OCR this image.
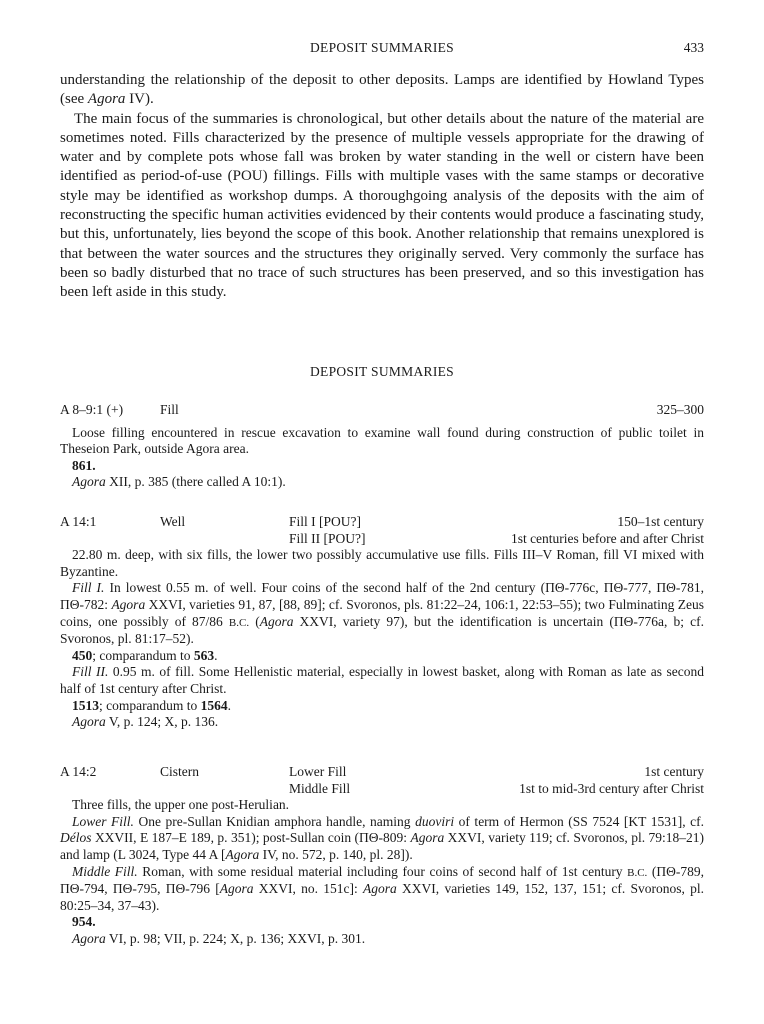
DEPOSIT SUMMARIES	433

understanding the relationship of the deposit to other deposits. Lamps are identified by Howland Types (see Agora IV).

The main focus of the summaries is chronological, but other details about the nature of the material are sometimes noted. Fills characterized by the presence of multiple vessels appropriate for the drawing of water and by complete pots whose fall was broken by water standing in the well or cistern have been identified as period-of-use (POU) fillings. Fills with multiple vases with the same stamps or decorative style may be identified as workshop dumps. A thoroughgoing analysis of the deposits with the aim of reconstructing the specific human activities evidenced by their contents would produce a fascinating study, but this, unfortunately, lies beyond the scope of this book. Another relationship that remains unexplored is that between the water sources and the structures they originally served. Very commonly the surface has been so badly disturbed that no trace of such structures has been preserved, and so this investigation has been left aside in this study.

DEPOSIT SUMMARIES
A 8–9:1 (+)	Fill	325–300

Loose filling encountered in rescue excavation to examine wall found during construction of public toilet in Theseion Park, outside Agora area.

861.

Agora XII, p. 385 (there called A 10:1).

A 14:1	Well	Fill I [POU?]	150–1st century
Fill II [POU?]	1st centuries before and after Christ

22.80 m. deep, with six fills, the lower two possibly accumulative use fills. Fills III–V Roman, fill VI mixed with Byzantine.

Fill I. In lowest 0.55 m. of well. Four coins of the second half of the 2nd century (ΠΘ-776c, ΠΘ-777, ΠΘ-781, ΠΘ-782: Agora XXVI, varieties 91, 87, [88, 89]; cf. Svoronos, pls. 81:22–24, 106:1, 22:53–55); two Fulminating Zeus coins, one possibly of 87/86 B.C. (Agora XXVI, variety 97), but the identification is uncertain (ΠΘ-776a, b; cf. Svoronos, pl. 81:17–52).

450; comparandum to 563.

Fill II. 0.95 m. of fill. Some Hellenistic material, especially in lowest basket, along with Roman as late as second half of 1st century after Christ.

1513; comparandum to 1564.

Agora V, p. 124; X, p. 136.

A 14:2	Cistern	Lower Fill	1st century
Middle Fill	1st to mid-3rd century after Christ

Three fills, the upper one post-Herulian.

Lower Fill. One pre-Sullan Knidian amphora handle, naming duoviri of term of Hermon (SS 7524 [KT 1531], cf. Délos XXVII, E 187–E 189, p. 351); post-Sullan coin (ΠΘ-809: Agora XXVI, variety 119; cf. Svoronos, pl. 79:18–21) and lamp (L 3024, Type 44 A [Agora IV, no. 572, p. 140, pl. 28]).

Middle Fill. Roman, with some residual material including four coins of second half of 1st century B.C. (ΠΘ-789, ΠΘ-794, ΠΘ-795, ΠΘ-796 [Agora XXVI, no. 151c]: Agora XXVI, varieties 149, 152, 137, 151; cf. Svoronos, pl. 80:25–34, 37–43).

954.

Agora VI, p. 98; VII, p. 224; X, p. 136; XXVI, p. 301.
